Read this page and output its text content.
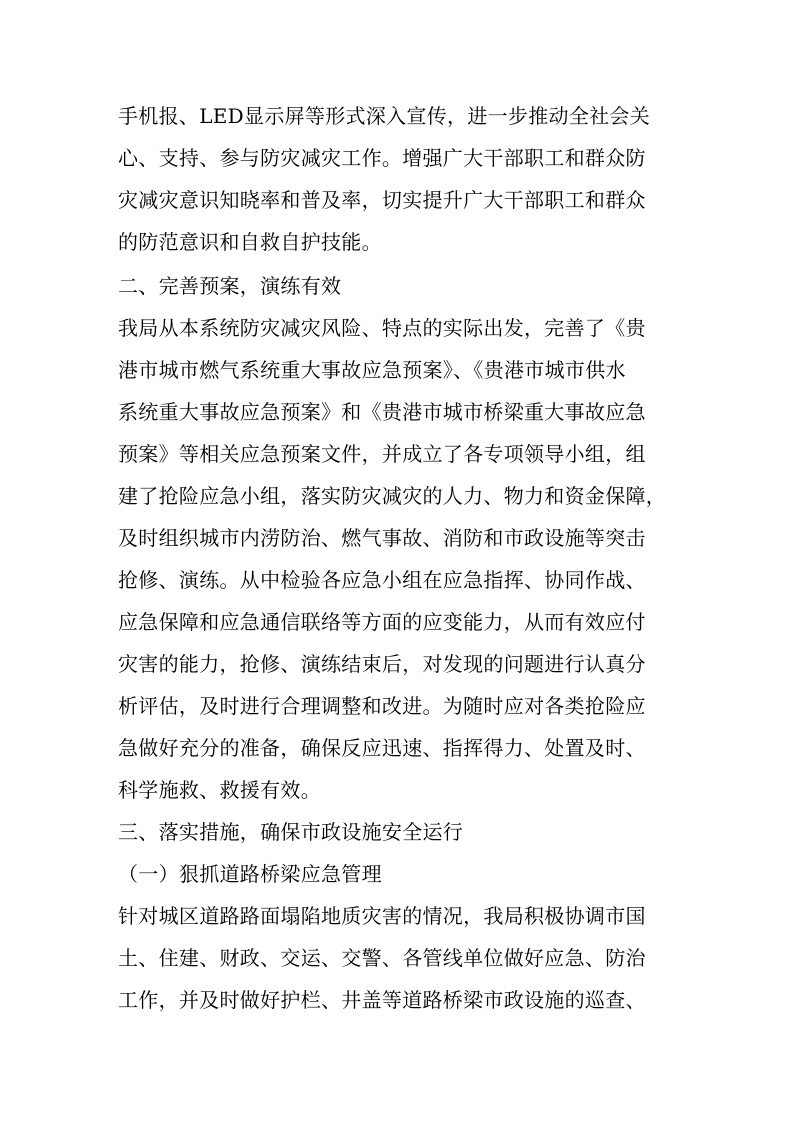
手机报、LED显示屏等形式深入宣传，进一步推动全社会关
心、支持、参与防灾减灾工作。增强广大干部职工和群众防
灾减灾意识知晓率和普及率，切实提升广大干部职工和群众
的防范意识和自救自护技能。
二、完善预案，演练有效
我局从本系统防灾减灾风险、特点的实际出发，完善了《贵
港市城市燃气系统重大事故应急预案》、《贵港市城市供水
系统重大事故应急预案》和《贵港市城市桥梁重大事故应急
预案》等相关应急预案文件，并成立了各专项领导小组，组
建了抢险应急小组，落实防灾减灾的人力、物力和资金保障，
及时组织城市内涝防治、燃气事故、消防和市政设施等突击
抢修、演练。从中检验各应急小组在应急指挥、协同作战、
应急保障和应急通信联络等方面的应变能力，从而有效应付
灾害的能力，抢修、演练结束后，对发现的问题进行认真分
析评估，及时进行合理调整和改进。为随时应对各类抢险应
急做好充分的准备，确保反应迅速、指挥得力、处置及时、
科学施救、救援有效。
三、落实措施，确保市政设施安全运行
（一）狠抓道路桥梁应急管理
针对城区道路路面塌陷地质灾害的情况，我局积极协调市国
土、住建、财政、交运、交警、各管线单位做好应急、防治
工作，并及时做好护栏、井盖等道路桥梁市政设施的巡查、
